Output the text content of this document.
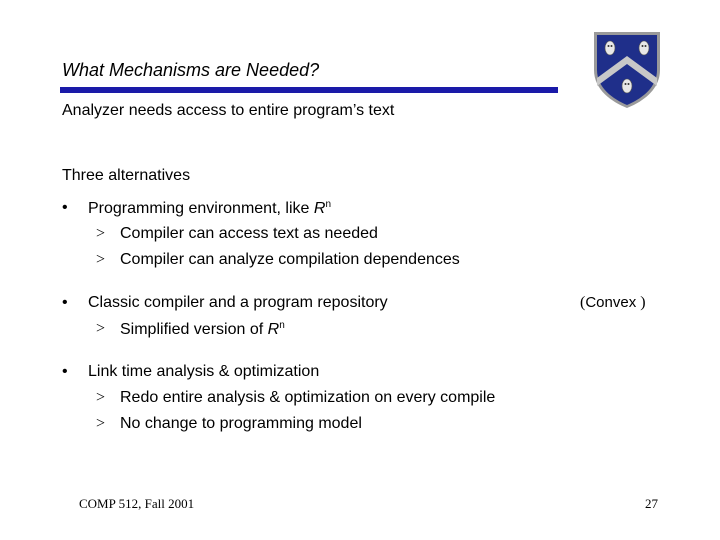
What Mechanisms are Needed?
Analyzer needs access to entire program’s text
Three alternatives
• Programming environment, like $R^n$
> Compiler can access text as needed
> Compiler can analyze compilation dependences
• Classic compiler and a program repository	(Convex )
> Simplified version of $R^n$
• Link time analysis & optimization
> Redo entire analysis & optimization on every compile
> No change to programming model
COMP 512, Fall 2001	27
